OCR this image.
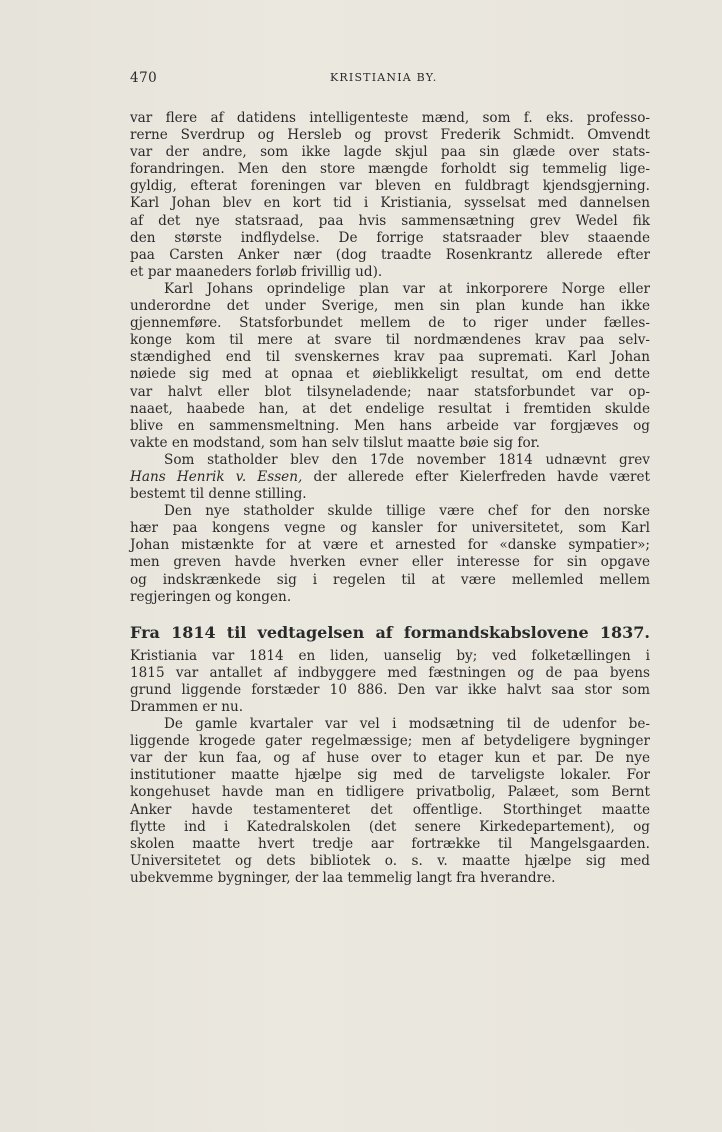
470	KRISTIANIA BY.
var flere af datidens intelligenteste mænd, som f. eks. professo-
rerne Sverdrup og Hersleb og provst Frederik Schmidt. Omvendt
var der andre, som ikke lagde skjul paa sin glæde over stats-
forandringen. Men den store mængde forholdt sig temmelig lige-
gyldig, efterat foreningen var bleven en fuldbragt kjendsgjerning.
Karl Johan blev en kort tid i Kristiania, sysselsat med dannelsen
af det nye statsraad, paa hvis sammensætning grev Wedel fik
den største indflydelse. De forrige statsraader blev staaende
paa Carsten Anker nær (dog traadte Rosenkrantz allerede efter
et par maaneders forløb frivillig ud).
Karl Johans oprindelige plan var at inkorporere Norge eller
underordne det under Sverige, men sin plan kunde han ikke
gjennemføre. Statsforbundet mellem de to riger under fælles-
konge kom til mere at svare til nordmændenes krav paa selv-
stændighed end til svenskernes krav paa supremati. Karl Johan
nøiede sig med at opnaa et øieblikkeligt resultat, om end dette
var halvt eller blot tilsyneladende; naar statsforbundet var op-
naaet, haabede han, at det endelige resultat i fremtiden skulde
blive en sammensmeltning. Men hans arbeide var forgjæves og
vakte en modstand, som han selv tilslut maatte bøie sig for.
Som statholder blev den 17de november 1814 udnævnt grev
Hans Henrik v. Essen, der allerede efter Kielerfreden havde været
bestemt til denne stilling.
Den nye statholder skulde tillige være chef for den norske
hær paa kongens vegne og kansler for universitetet, som Karl
Johan mistænkte for at være et arnested for «danske sympatier»;
men greven havde hverken evner eller interesse for sin opgave
og indskrænkede sig i regelen til at være mellemled mellem
regjeringen og kongen.
Fra 1814 til vedtagelsen af formandskabslovene 1837.
Kristiania var 1814 en liden, uanselig by; ved folketællingen i
1815 var antallet af indbyggere med fæstningen og de paa byens
grund liggende forstæder 10 886. Den var ikke halvt saa stor som
Drammen er nu.
De gamle kvartaler var vel i modsætning til de udenfor be-
liggende krogede gater regelmæssige; men af betydeligere bygninger
var der kun faa, og af huse over to etager kun et par. De nye
institutioner maatte hjælpe sig med de tarveligste lokaler. For
kongehuset havde man en tidligere privatbolig, Palæet, som Bernt
Anker havde testamenteret det offentlige. Storthinget maatte
flytte ind i Katedralskolen (det senere Kirkedepartement), og
skolen maatte hvert tredje aar fortrække til Mangelsgaarden.
Universitetet og dets bibliotek o. s. v. maatte hjælpe sig med
ubekvemme bygninger, der laa temmelig langt fra hverandre.
